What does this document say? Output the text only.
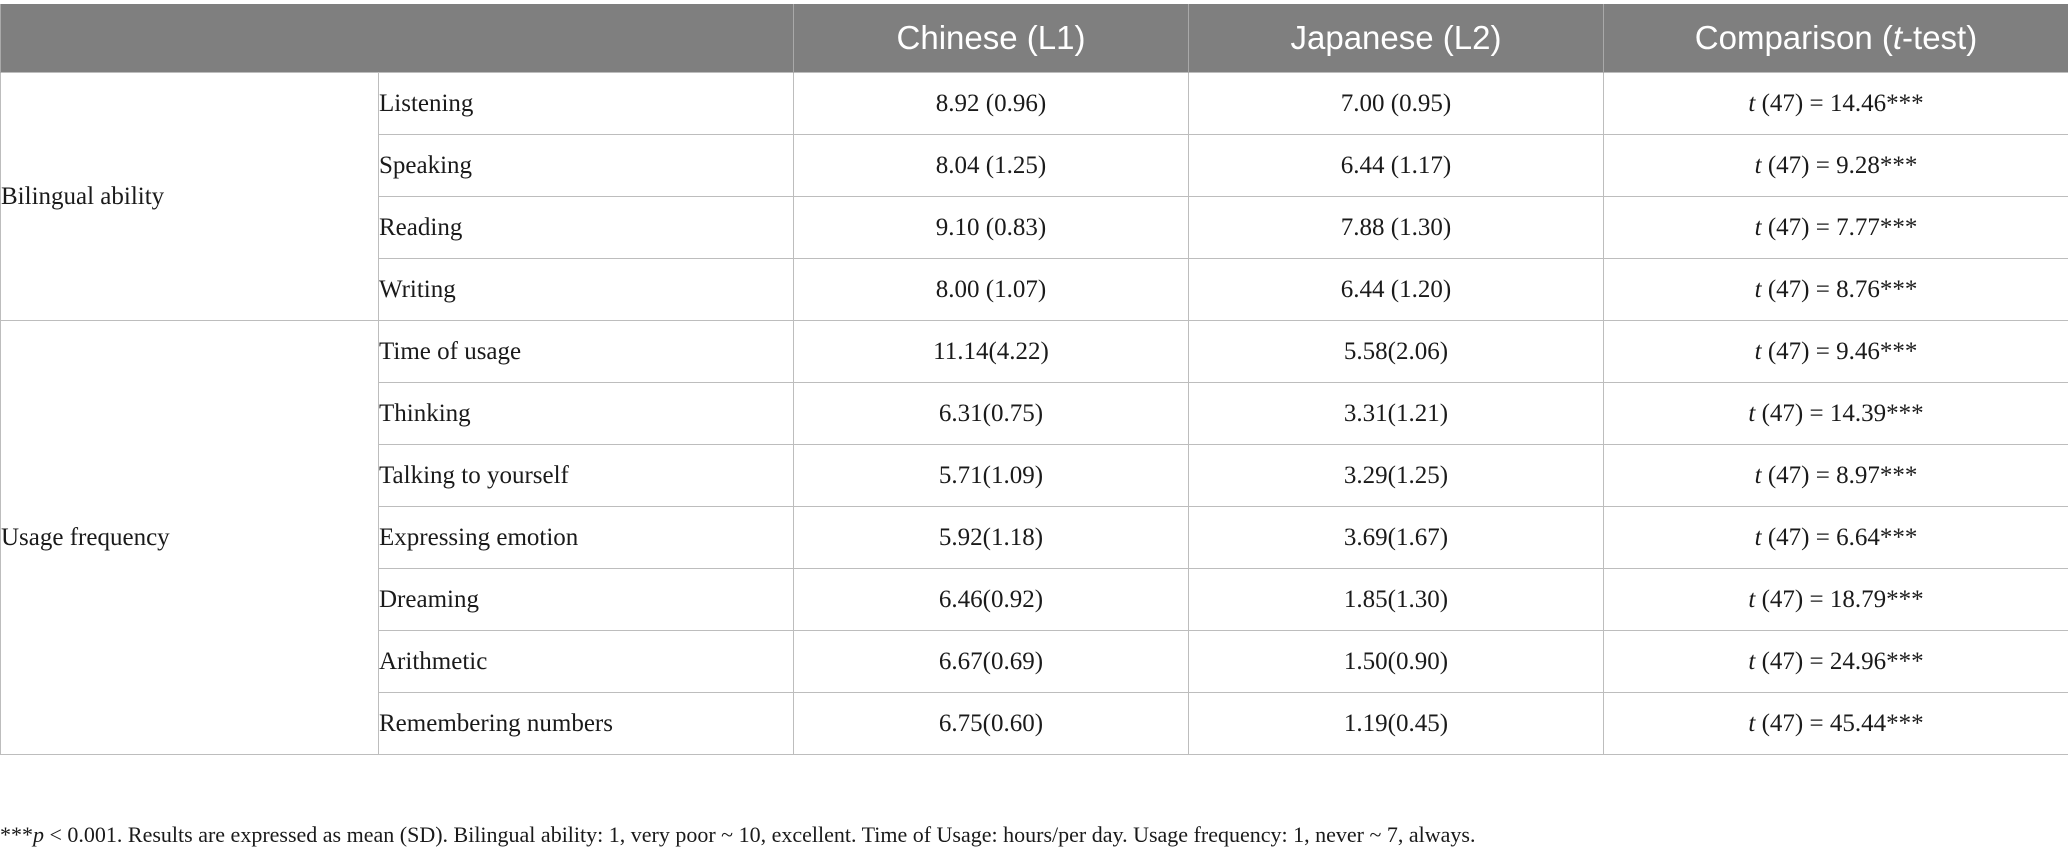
		Chinese (L1)	Japanese (L2)	Comparison (t-test)
Bilingual ability	Listening	8.92 (0.96)	7.00 (0.95)	t (47) = 14.46***
	Speaking	8.04 (1.25)	6.44 (1.17)	t (47) = 9.28***
	Reading	9.10 (0.83)	7.88 (1.30)	t (47) = 7.77***
	Writing	8.00 (1.07)	6.44 (1.20)	t (47) = 8.76***
Usage frequency	Time of usage	11.14(4.22)	5.58(2.06)	t (47) = 9.46***
	Thinking	6.31(0.75)	3.31(1.21)	t (47) = 14.39***
	Talking to yourself	5.71(1.09)	3.29(1.25)	t (47) = 8.97***
	Expressing emotion	5.92(1.18)	3.69(1.67)	t (47) = 6.64***
	Dreaming	6.46(0.92)	1.85(1.30)	t (47) = 18.79***
	Arithmetic	6.67(0.69)	1.50(0.90)	t (47) = 24.96***
	Remembering numbers	6.75(0.60)	1.19(0.45)	t (47) = 45.44***
***p < 0.001. Results are expressed as mean (SD). Bilingual ability: 1, very poor ~ 10, excellent. Time of Usage: hours/per day. Usage frequency: 1, never ~ 7, always.
